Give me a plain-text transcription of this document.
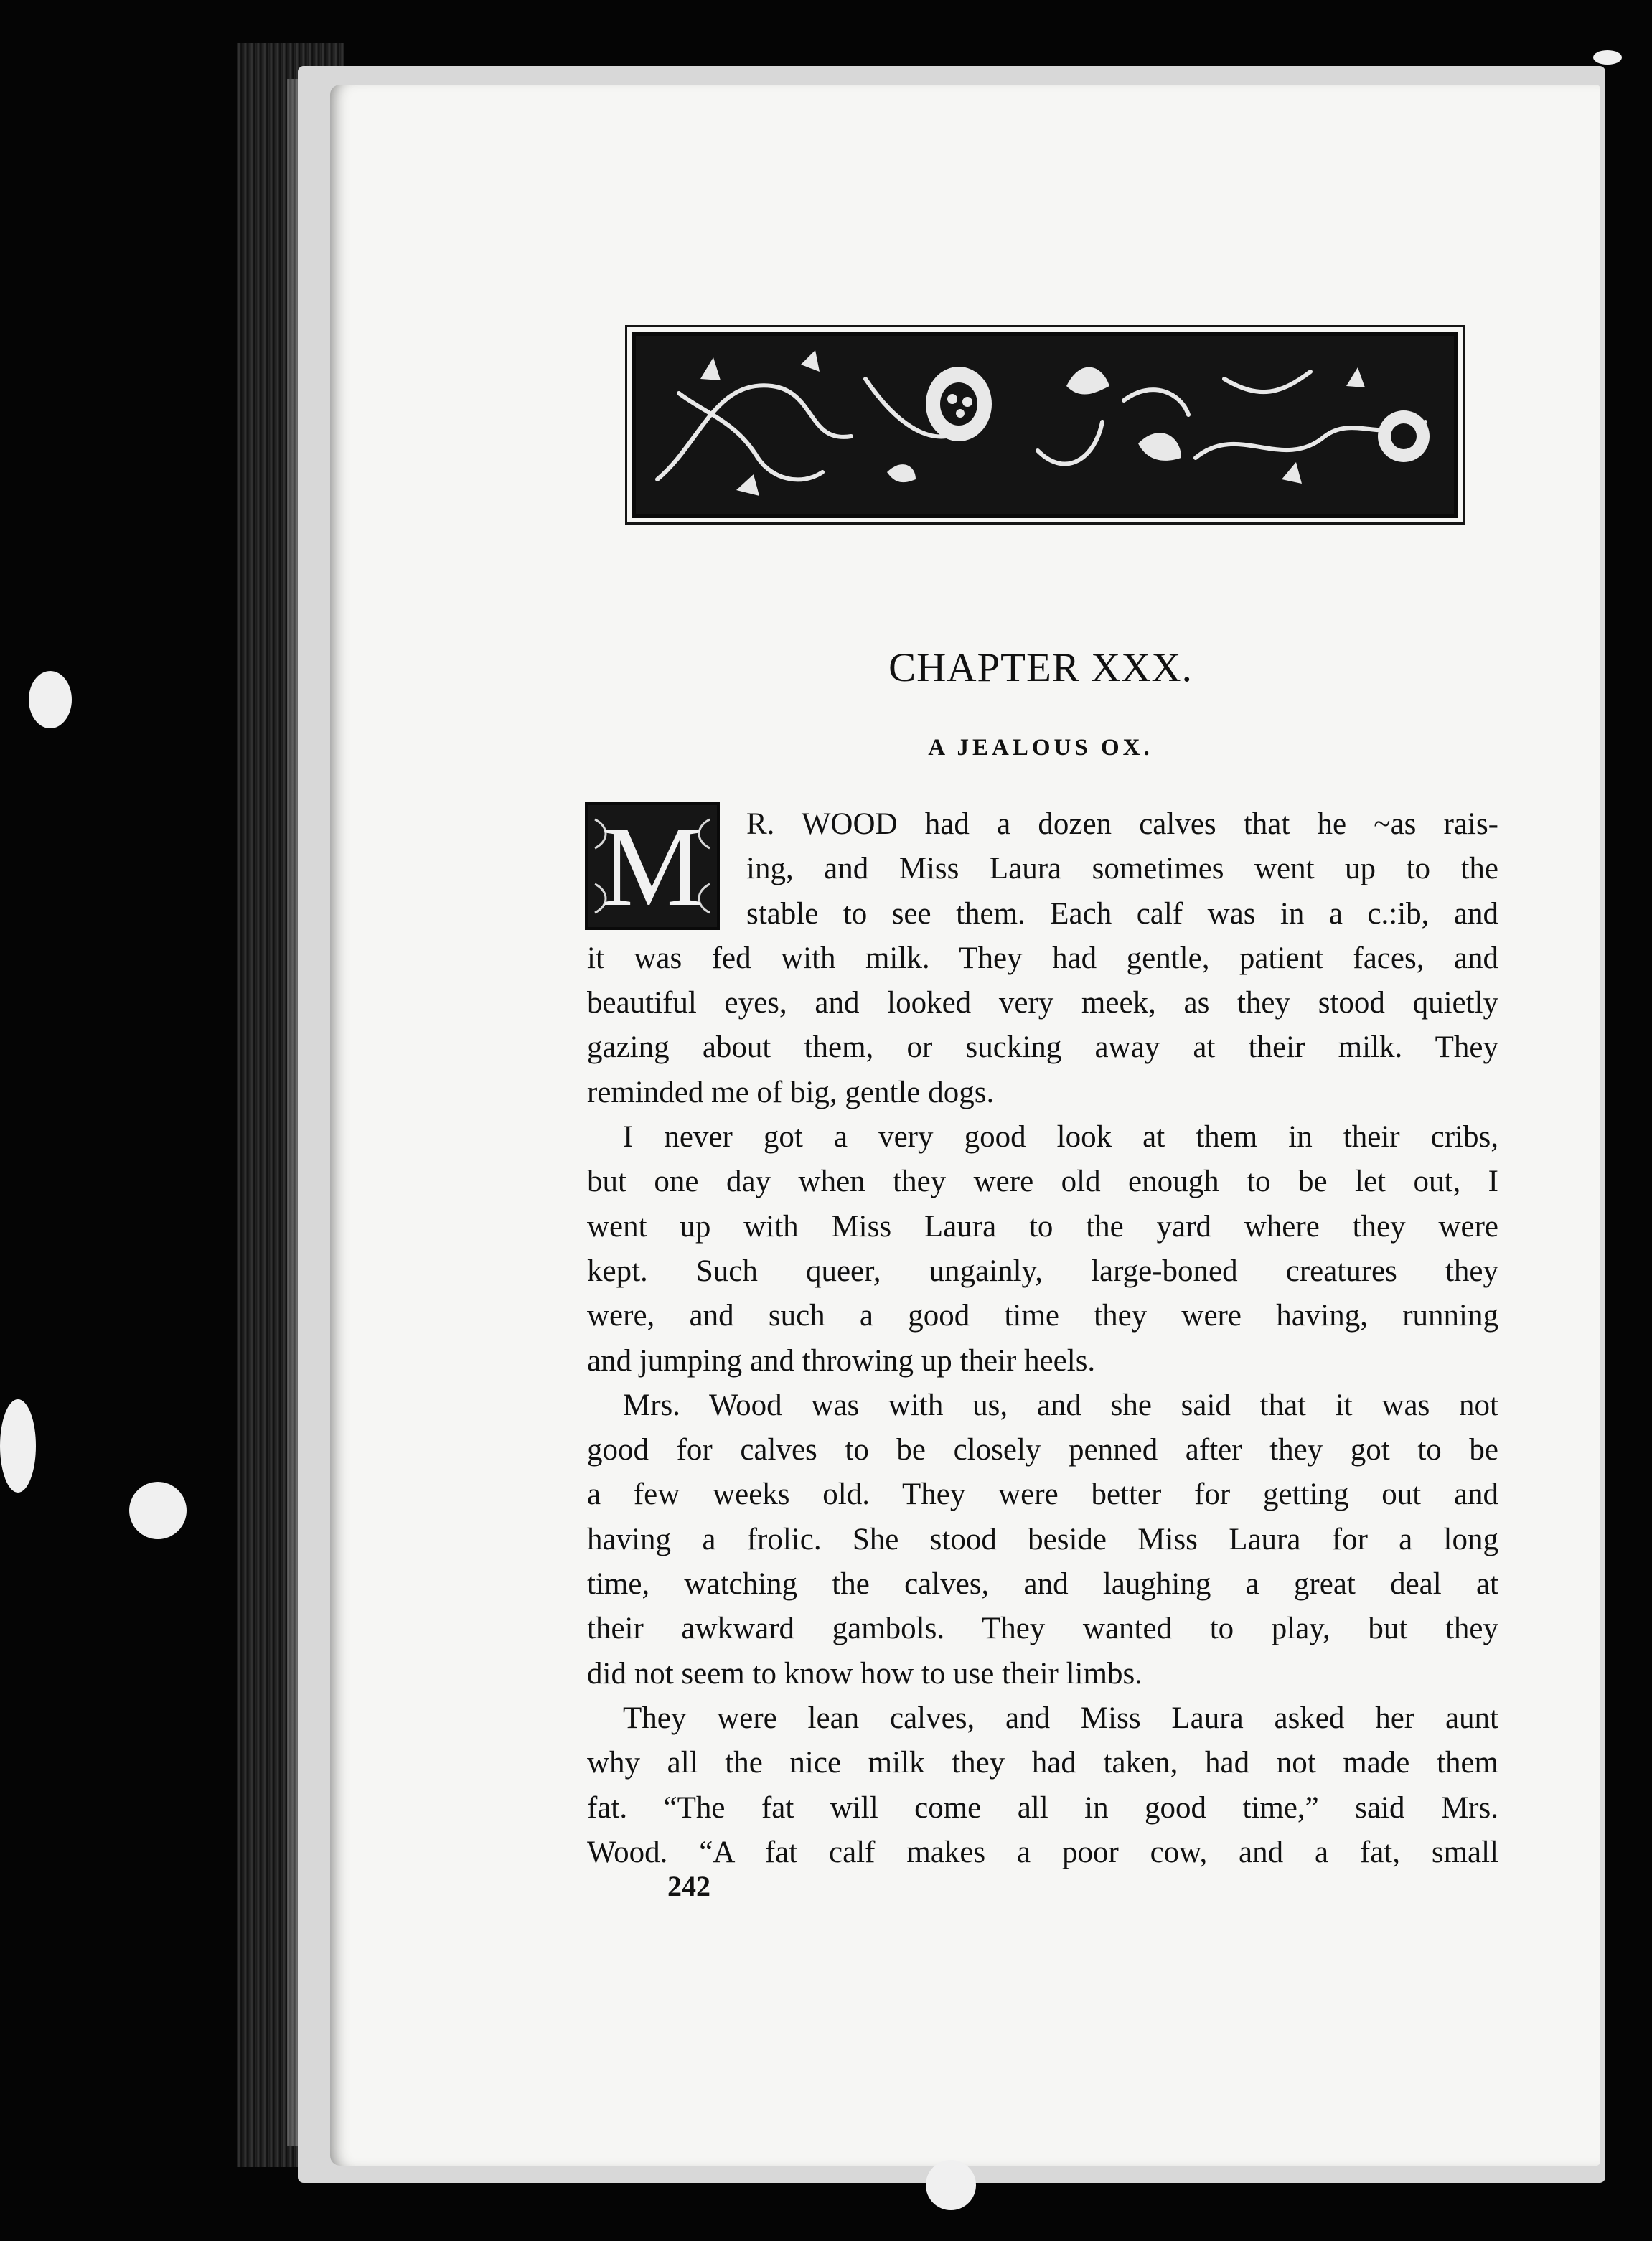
CHAPTER XXX.
A JEALOUS OX.
R. WOOD had a dozen calves that he ~as rais-
ing, and Miss Laura sometimes went up to the
stable to see them. Each calf was in a c.:ib, and
it was fed with milk. They had gentle, patient faces, and
beautiful eyes, and looked very meek, as they stood quietly
gazing about them, or sucking away at their milk. They
reminded me of big, gentle dogs.
I never got a very good look at them in their cribs,
but one day when they were old enough to be let out, I
went up with Miss Laura to the yard where they were
kept. Such queer, ungainly, large-boned creatures they
were, and such a good time they were having, running
and jumping and throwing up their heels.
Mrs. Wood was with us, and she said that it was not
good for calves to be closely penned after they got to be
a few weeks old. They were better for getting out and
having a frolic. She stood beside Miss Laura for a long
time, watching the calves, and laughing a great deal at
their awkward gambols. They wanted to play, but they
did not seem to know how to use their limbs.
They were lean calves, and Miss Laura asked her aunt
why all the nice milk they had taken, had not made them
fat. “The fat will come all in good time,” said Mrs.
Wood. “A fat calf makes a poor cow, and a fat, small
M

242
